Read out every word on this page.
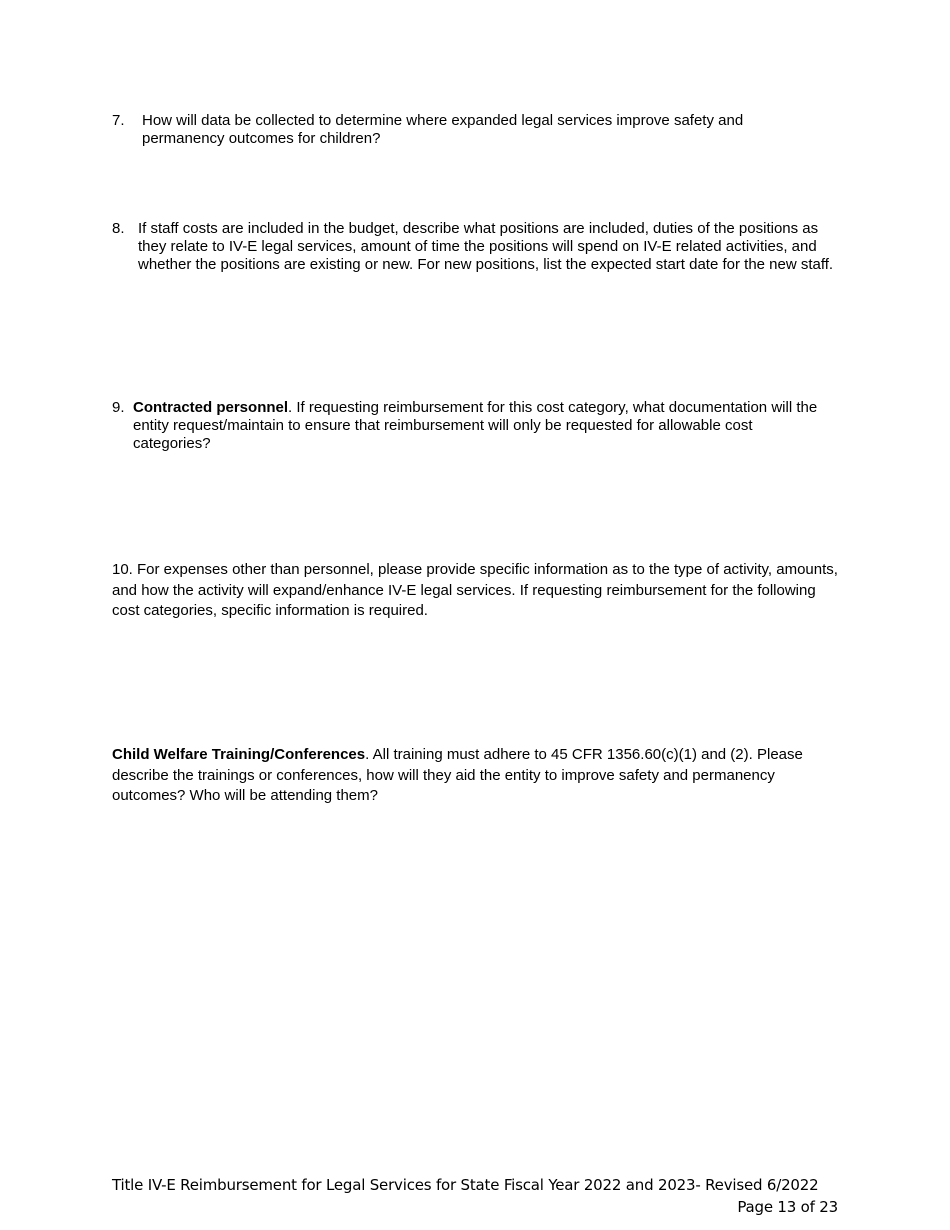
7. How will data be collected to determine where expanded legal services improve safety and permanency outcomes for children?
8. If staff costs are included in the budget, describe what positions are included, duties of the positions as they relate to IV-E legal services, amount of time the positions will spend on IV-E related activities, and whether the positions are existing or new. For new positions, list the expected start date for the new staff.
9. Contracted personnel. If requesting reimbursement for this cost category, what documentation will the entity request/maintain to ensure that reimbursement will only be requested for allowable cost categories?
10. For expenses other than personnel, please provide specific information as to the type of activity, amounts, and how the activity will expand/enhance IV-E legal services. If requesting reimbursement for the following cost categories, specific information is required.
Child Welfare Training/Conferences. All training must adhere to 45 CFR 1356.60(c)(1) and (2). Please describe the trainings or conferences, how will they aid the entity to improve safety and permanency outcomes? Who will be attending them?
Title IV-E Reimbursement for Legal Services for State Fiscal Year 2022 and 2023- Revised 6/2022
Page 13 of 23
